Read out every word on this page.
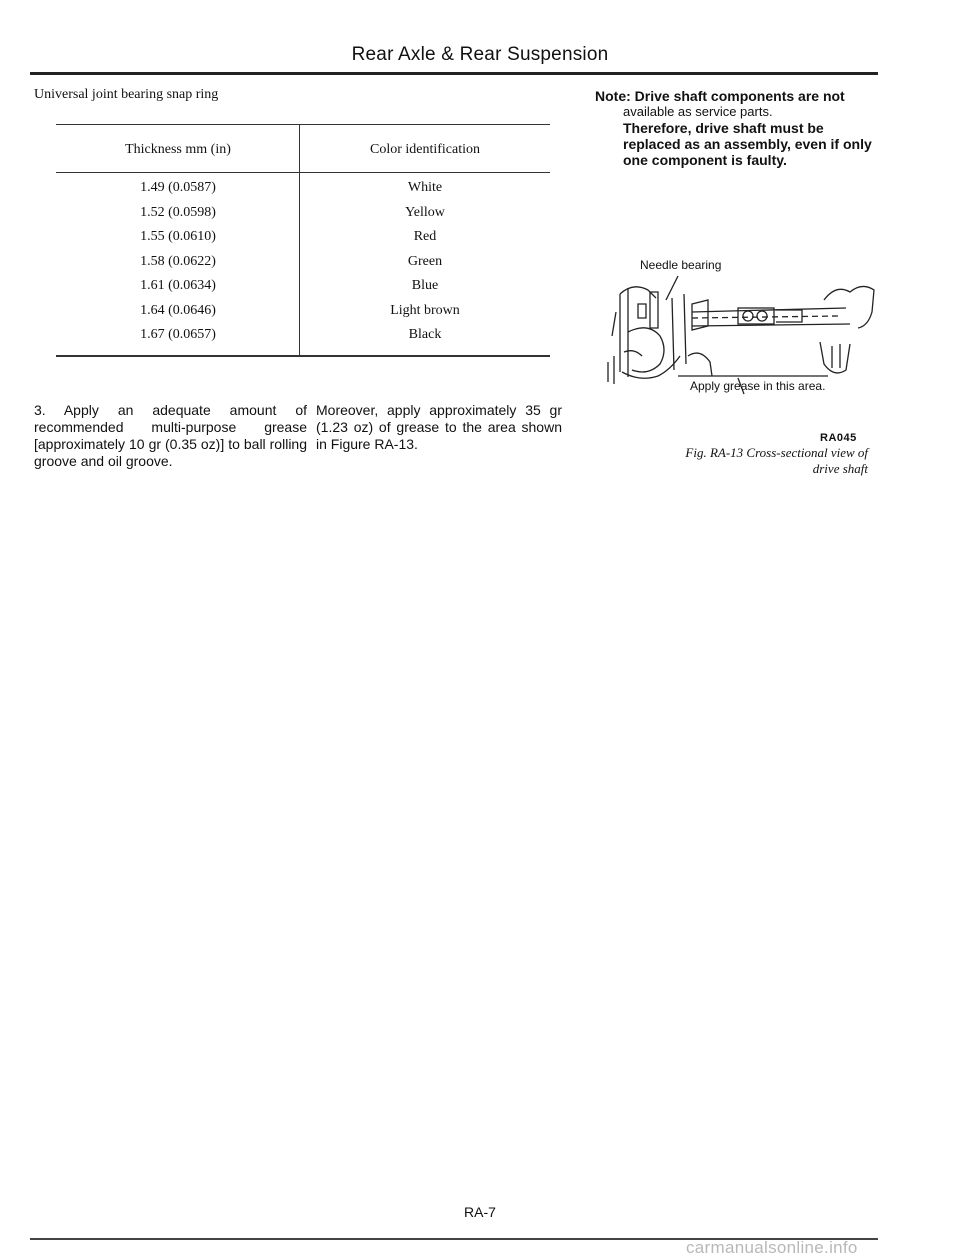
Rear Axle & Rear Suspension
Universal joint bearing snap ring
Thickness mm (in)	Color identification
1.49 (0.0587)	White
1.52 (0.0598)	Yellow
1.55 (0.0610)	Red
1.58 (0.0622)	Green
1.61 (0.0634)	Blue
1.64 (0.0646)	Light brown
1.67 (0.0657)	Black
3. Apply an adequate amount of recommended multi-purpose grease [approximately 10 gr (0.35 oz)] to ball rolling groove and oil groove.
Moreover, apply approximately 35 gr (1.23 oz) of grease to the area shown in Figure RA-13.
Note: Drive shaft components are not
available as service parts.
Therefore, drive shaft must be replaced as an assembly, even if only one component is faulty.
Needle bearing
Apply grease in this area.
RA045
Fig. RA-13 Cross-sectional view of
drive shaft
RA-7
carmanualsonline.info
